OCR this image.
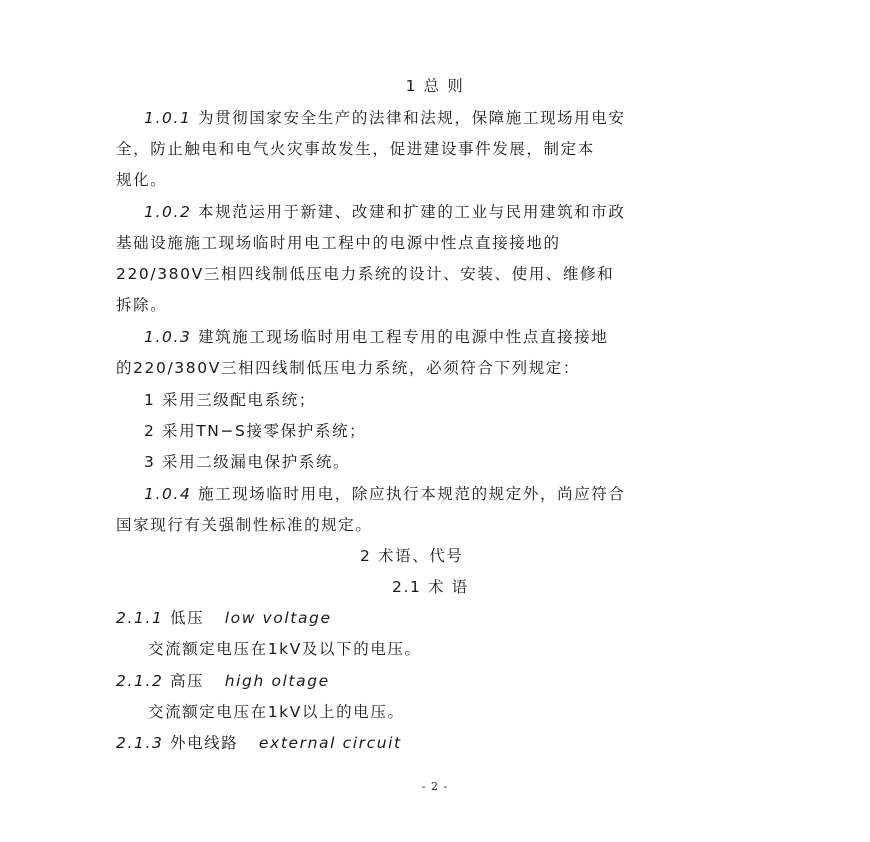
1 总 则
1.0.1 为贯彻国家安全生产的法律和法规，保障施工现场用电安
全，防止触电和电气火灾事故发生，促进建设事件发展，制定本
规化。
1.0.2 本规范运用于新建、改建和扩建的工业与民用建筑和市政
基础设施施工现场临时用电工程中的电源中性点直接接地的
220/380V三相四线制低压电力系统的设计、安装、使用、维修和
拆除。
1.0.3 建筑施工现场临时用电工程专用的电源中性点直接接地
的220/380V三相四线制低压电力系统，必须符合下列规定：
1 采用三级配电系统；
2 采用TN−S接零保护系统；
3 采用二级漏电保护系统。
1.0.4 施工现场临时用电，除应执行本规范的规定外，尚应符合
国家现行有关强制性标准的规定。
2 术语、代号
2.1 术 语
2.1.1 低压 low voltage
交流额定电压在1kV及以下的电压。
2.1.2 高压 high oltage
交流额定电压在1kV以上的电压。
2.1.3 外电线路 external circuit
- 2 -
